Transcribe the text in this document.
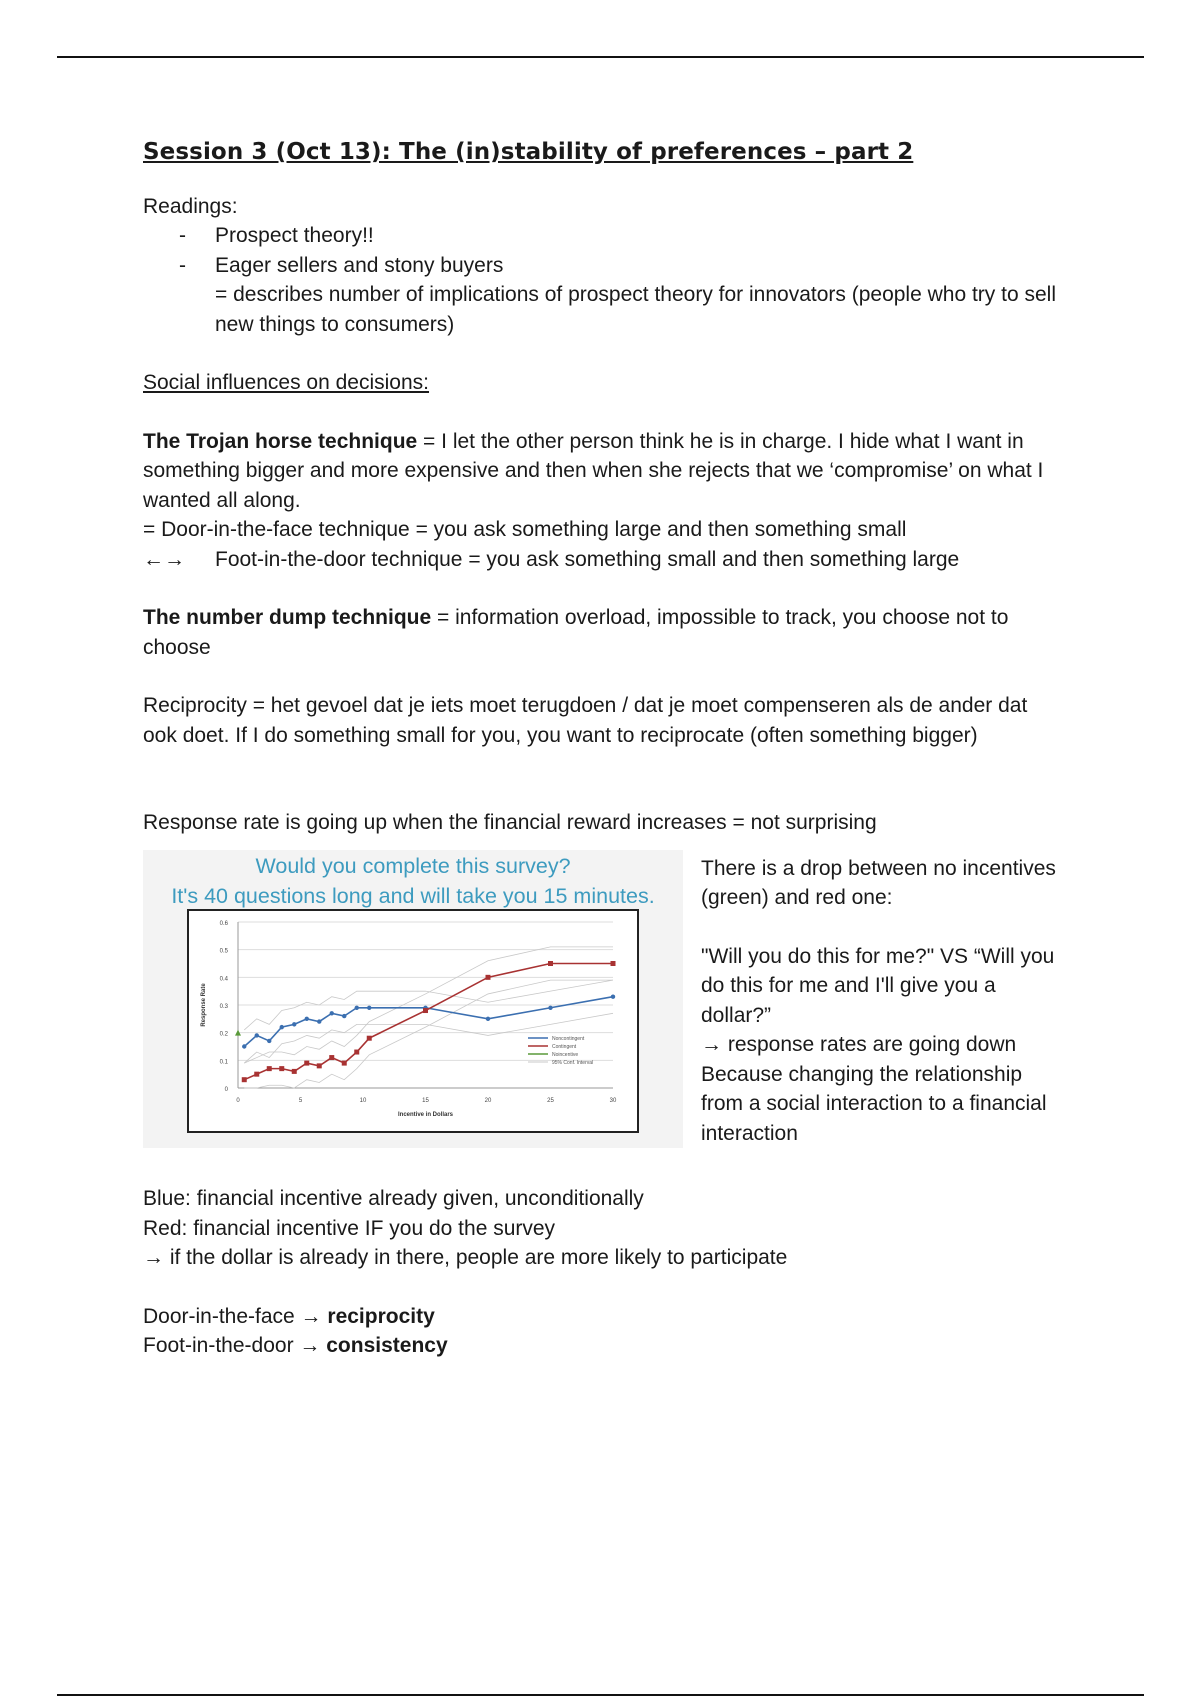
Session 3 (Oct 13): The (in)stability of preferences – part 2

Readings:

- Prospect theory!!
- Eager sellers and stony buyers

= describes number of implications of prospect theory for innovators (people who try to sell new things to consumers)

Social influences on decisions:

The Trojan horse technique = I let the other person think he is in charge. I hide what I want in something bigger and more expensive and then when she rejects that we ‘compromise’ on what I wanted all along.

= Door-in-the-face technique = you ask something large and then something small

←→ Foot-in-the-door technique = you ask something small and then something large

The number dump technique = information overload, impossible to track, you choose not to choose

Reciprocity = het gevoel dat je iets moet terugdoen / dat je moet compenseren als de ander dat ook doet. If I do something small for you, you want to reciprocate (often something bigger)

Response rate is going up when the financial reward increases = not surprising

Would you complete this survey?
It's 40 questions long and will take you 15 minutes.
0
0.1
0.2
0.3
0.4
0.5
0.6
0	5	10	15	20	25	30
Incentive in Dollars
Response Rate
Noncontingent
Contingent
Noincentive
95% Conf. Interval

There is a drop between no incentives (green) and red one:

"Will you do this for me?" VS “Will you do this for me and I'll give you a dollar?”

→ response rates are going down

Because changing the relationship from a social interaction to a financial interaction

Blue: financial incentive already given, unconditionally

Red: financial incentive IF you do the survey

→ if the dollar is already in there, people are more likely to participate

Door-in-the-face → reciprocity

Foot-in-the-door → consistency
